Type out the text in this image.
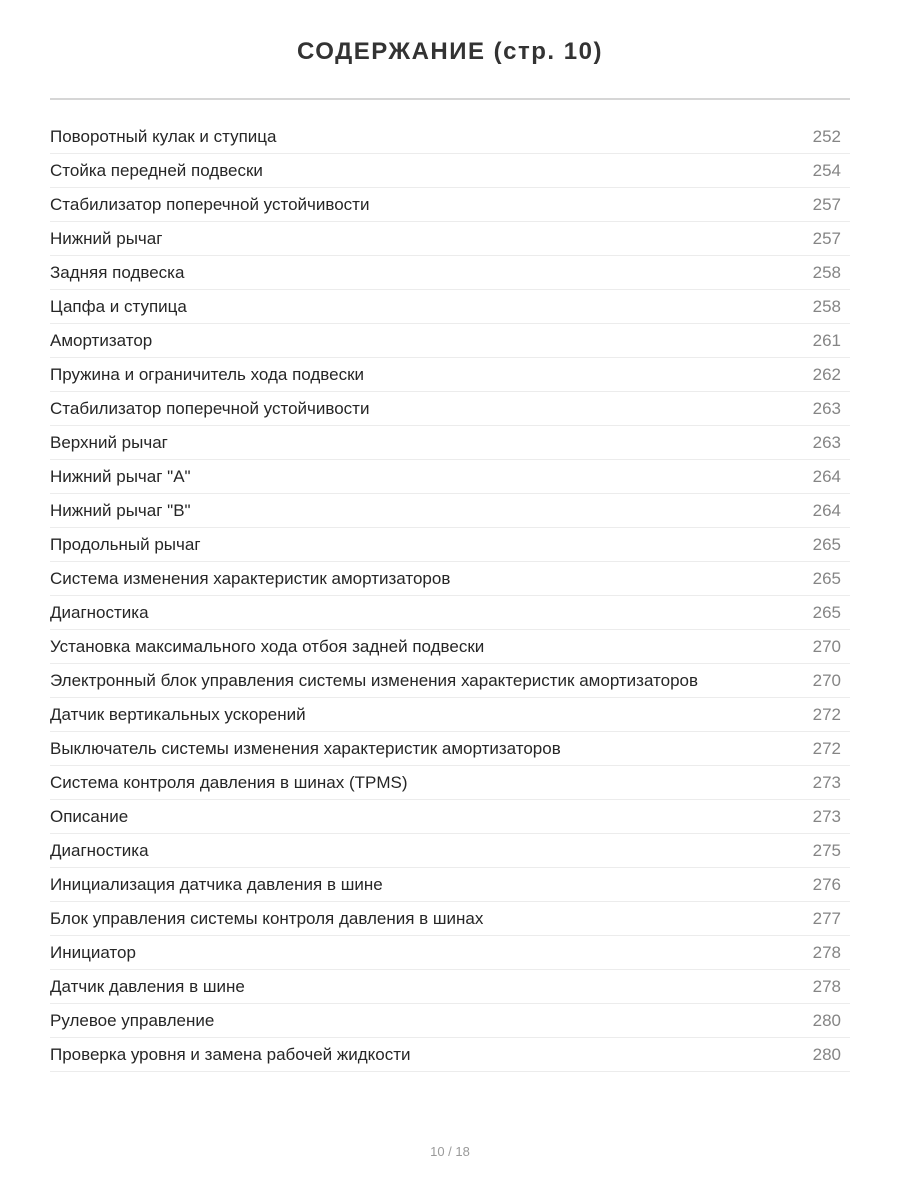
СОДЕРЖАНИЕ (стр. 10)
Поворотный кулак и ступица	252
Стойка передней подвески	254
Стабилизатор поперечной устойчивости	257
Нижний рычаг	257
Задняя подвеска	258
Цапфа и ступица	258
Амортизатор	261
Пружина и ограничитель хода подвески	262
Стабилизатор поперечной устойчивости	263
Верхний рычаг	263
Нижний рычаг "A"	264
Нижний рычаг "B"	264
Продольный рычаг	265
Система изменения характеристик амортизаторов	265
Диагностика	265
Установка максимального хода отбоя задней подвески	270
Электронный блок управления системы изменения характеристик амортизаторов	270
Датчик вертикальных ускорений	272
Выключатель системы изменения характеристик амортизаторов	272
Система контроля давления в шинах (TPMS)	273
Описание	273
Диагностика	275
Инициализация датчика давления в шине	276
Блок управления системы контроля давления в шинах	277
Инициатор	278
Датчик давления в шине	278
Рулевое управление	280
Проверка уровня и замена рабочей жидкости	280
10 / 18
